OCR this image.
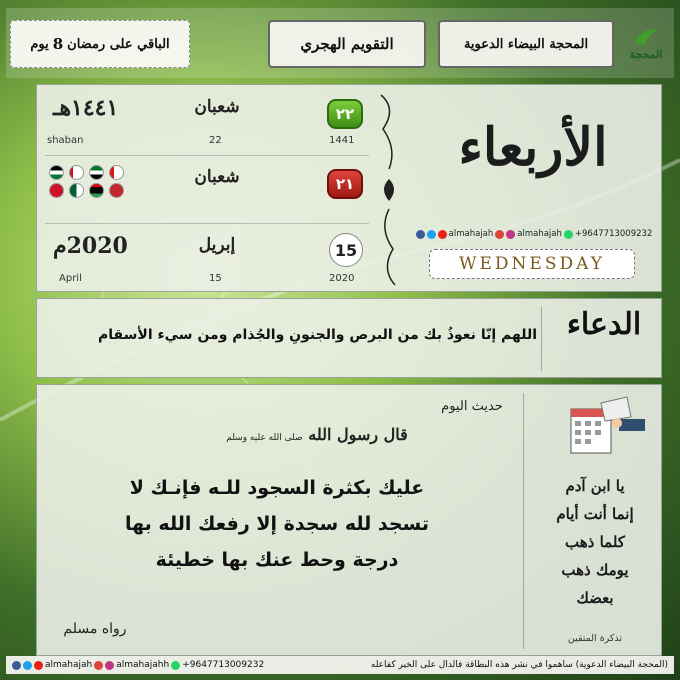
الباقي على رمضان
8
يوم	التقويم الهجري	المحجة البيضاء الدعوية
المحجة
٢٢
شعبان
١٤٤١هـ
shaban	22	1441
٢١
شعبان
15
إبريل
2020م
April	15	2020
الأربعاء
almahajah	almahajah +9647713009232
WEDNESDAY
اللهم إنّا نعوذُ بك من البرص والجنونِ والجُذام ومن سيء الأسقام الدعاء
حديث اليوم
قال رسول الله صلى الله عليه وسلم
عليك بكثرة السجود للـه فإنـك لا
تسجد لله سجدة إلا رفعك الله بها
درجة وحط عنك بها خطيئة
رواه مسلم
يا ابن آدم
إنما أنت أيام
كلما ذهب
يومك ذهب
بعضك
تذكرة المتقين
almahajah	almahajahh +9647713009232	(المحجة البيضاء الدعوية) ساهموا في نشر هذه البطاقة فالدال على الخير كفاعله
